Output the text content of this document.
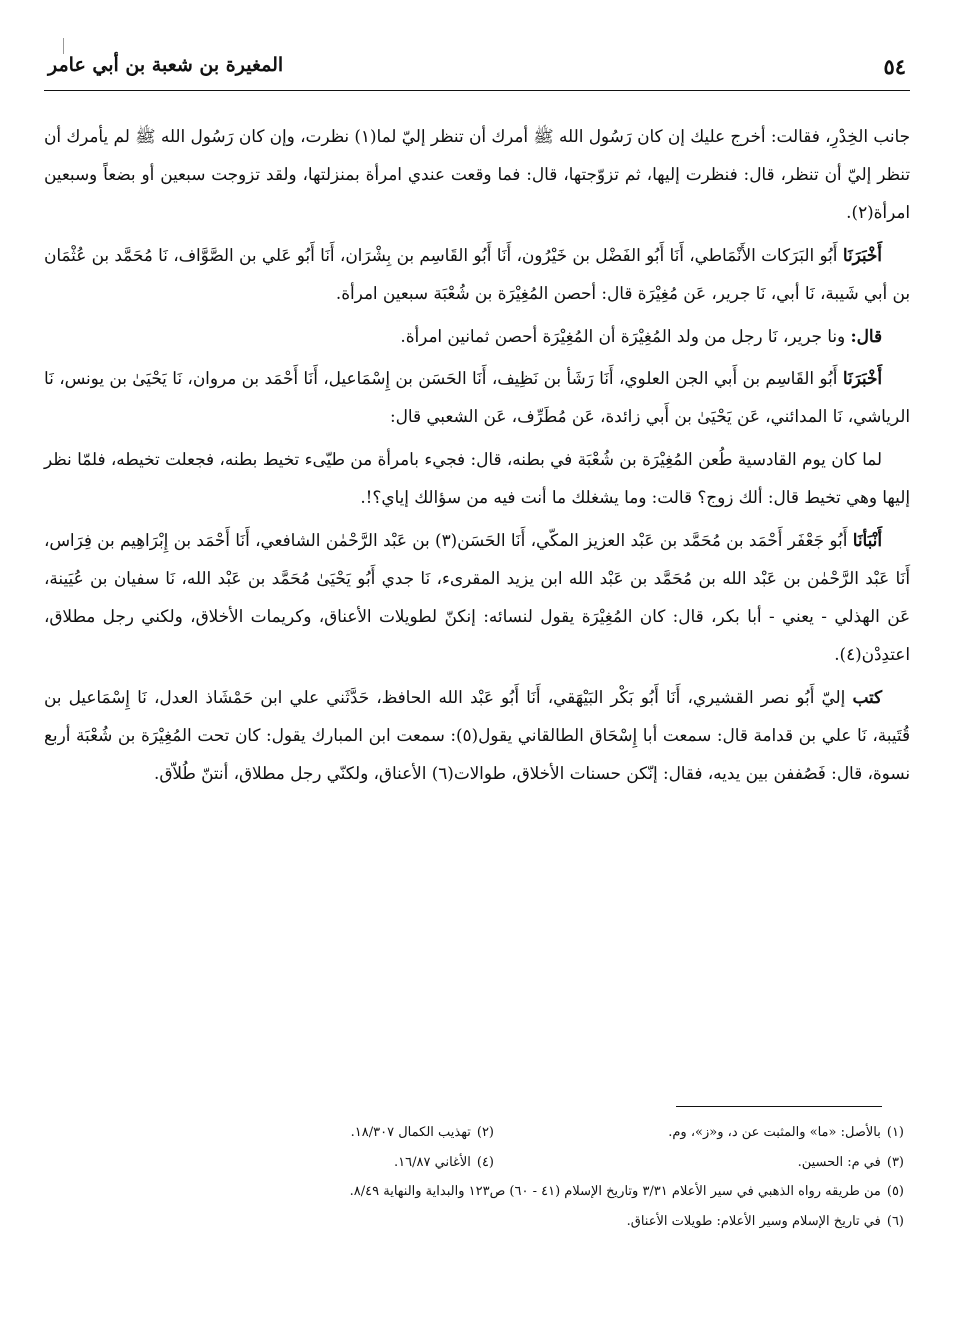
٥٤
المغيرة بن شعبة بن أبي عامر

جانب الخِدْرِ، فقالت: أخرج عليك إن كان رَسُول الله ﷺ أمرك أن تنظر إليّ لما(١) نظرت، وإن كان رَسُول الله ﷺ لم يأمرك أن تنظر إليّ أن تنظر، قال: فنظرت إليها، ثم تزوّجتها، قال: فما وقعت عندي امرأة بمنزلتها، ولقد تزوجت سبعين أو بضعاً وسبعين امرأة(٢).

أَخْبَرَنَاأَبُو البَرَكات الأَنْمَاطي، أَنَا أَبُو الفَضْل بن خَيْرُون، أَنَا أَبُو القَاسِم بن بِشْرَان، أَنَا أَبُو عَلي بن الصَّوَّاف، نَا مُحَمَّد بن عُثْمَان بن أبي شَيبة، نَا أبي، نَا جرير، عَن مُغِيْرَة قال: أحصن المُغِيْرَة بن شُعْبَة سبعين امرأة.

قال:ونا جرير، نَا رجل من ولد المُغِيْرَة أن المُغِيْرَة أحصن ثمانين امرأة.

أَخْبَرَنَاأَبُو القَاسِم بن أَبي الجن العلوي، أَنَا رَشَأ بن نَظِيف، أَنَا الحَسَن بن إِسْمَاعيل، أَنَا أَحْمَد بن مروان، نَا يَحْيَىٰ بن يونس، نَا الرياشي، نَا المدائني، عَن يَحْيَىٰ بن أَبي زائدة، عَن مُطَرِّف، عَن الشعبي قال:

لما كان يوم القادسية طُعن المُغِيْرَة بن شُعْبَة في بطنه، قال: فجيء بامرأة من طيّىء تخيط بطنه، فجعلت تخيطه، فلمّا نظر إليها وهي تخيط قال: ألك زوج؟ قالت: وما يشغلك ما أنت فيه من سؤالك إياي؟!.

أَنْبَأنَاأَبُو جَعْفَر أَحْمَد بن مُحَمَّد بن عَبْد العزيز المكّي، أَنَا الحَسَن(٣) بن عَبْد الرَّحْمٰن الشافعي، أَنَا أَحْمَد بن إِبْرَاهِيم بن فِرَاس، أَنَا عَبْد الرَّحْمٰن بن عَبْد الله بن مُحَمَّد بن عَبْد الله ابن يزيد المقرىء، نَا جدي أَبُو يَحْيَىٰ مُحَمَّد بن عَبْد الله، نَا سفيان بن عُيَينة، عَن الهذلي - يعني - أبا بكر، قال: كان المُغِيْرَة يقول لنسائه: إنكنّ لطويلات الأعناق، وكريمات الأخلاق، ولكني رجل مطلاق، اعتدِدْن(٤).

كتبإليّ أَبُو نصر القشيري، أَنَا أَبُو بَكْر البَيْهَقي، أَنَا أَبُو عَبْد الله الحافظ، حَدَّثَني علي ابن حَمْشَاذ العدل، نَا إِسْمَاعيل بن قُتَيبة، نَا علي بن قدامة قال: سمعت أبا إِسْحَاق الطالقاني يقول(٥): سمعت ابن المبارك يقول: كان تحت المُغِيْرَة بن شُعْبَة أربع نسوة، قال: فَصُففن بين يديه، فقال: إنّكن حسنات الأخلاق، طوالات(٦) الأعناق، ولكنّي رجل مطلاق، أنتنّ طُلاّق.

(١)بالأصل: «ما» والمثبت عن د، و«ز»، وم.
(٢)تهذيب الكمال ١٨/٣٠٧.
(٣)في م: الحسين.
(٤)الأغاني ١٦/٨٧.
(٥)من طريقه رواه الذهبي في سير الأعلام ٣/٣١ وتاريخ الإسلام (٤١ - ٦٠) ص١٢٣ والبداية والنهاية ٨/٤٩.
(٦)في تاريخ الإسلام وسير الأعلام: طويلات الأعناق.
